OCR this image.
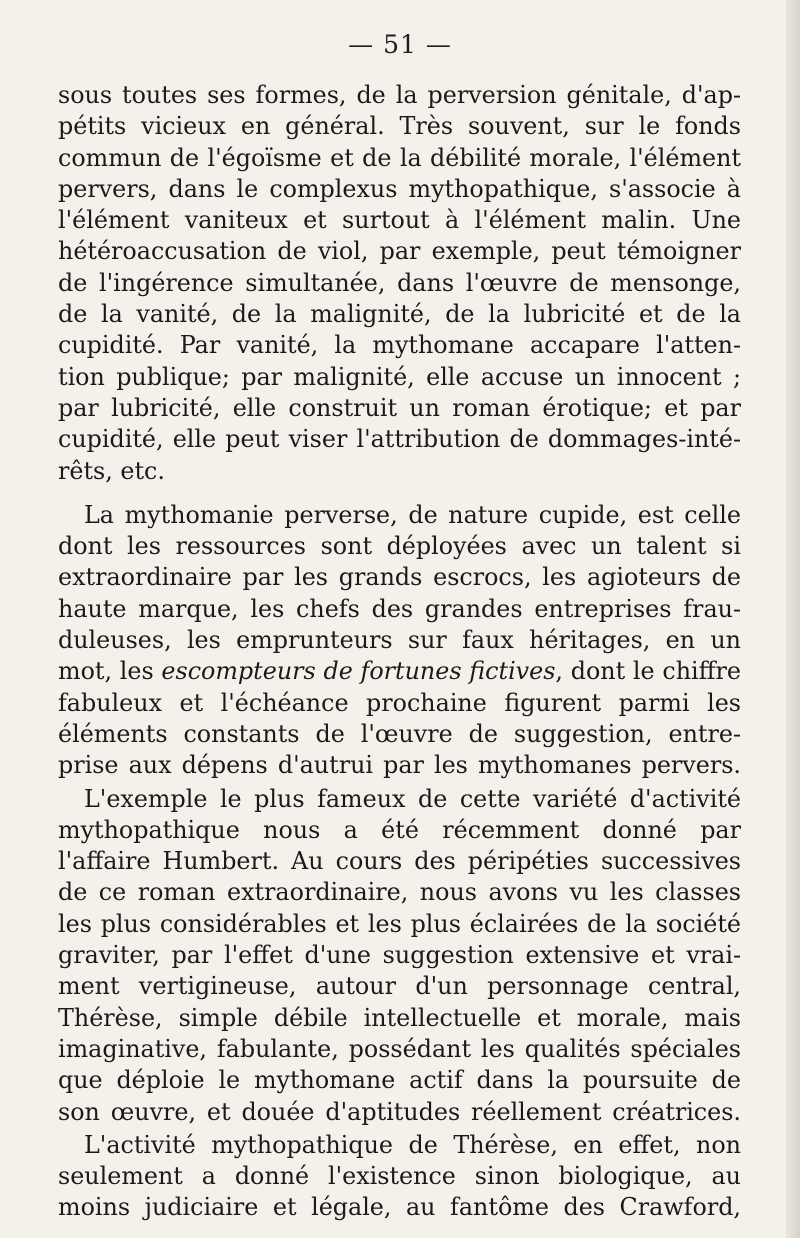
— 51 —
sous toutes ses formes, de la perversion génitale, d'ap-
pétits vicieux en général. Très souvent, sur le fonds
commun de l'égoïsme et de la débilité morale, l'élément
pervers, dans le complexus mythopathique, s'associe à
l'élément vaniteux et surtout à l'élément malin. Une
hétéroaccusation de viol, par exemple, peut témoigner
de l'ingérence simultanée, dans l'œuvre de mensonge,
de la vanité, de la malignité, de la lubricité et de la
cupidité. Par vanité, la mythomane accapare l'atten-
tion publique; par malignité, elle accuse un innocent ;
par lubricité, elle construit un roman érotique; et par
cupidité, elle peut viser l'attribution de dommages-inté-
rêts, etc.
La mythomanie perverse, de nature cupide, est celle
dont les ressources sont déployées avec un talent si
extraordinaire par les grands escrocs, les agioteurs de
haute marque, les chefs des grandes entreprises frau-
duleuses, les emprunteurs sur faux héritages, en un
mot, les escompteurs de fortunes fictives, dont le chiffre
fabuleux et l'échéance prochaine figurent parmi les
éléments constants de l'œuvre de suggestion, entre-
prise aux dépens d'autrui par les mythomanes pervers.
L'exemple le plus fameux de cette variété d'activité
mythopathique nous a été récemment donné par
l'affaire Humbert. Au cours des péripéties successives
de ce roman extraordinaire, nous avons vu les classes
les plus considérables et les plus éclairées de la société
graviter, par l'effet d'une suggestion extensive et vrai-
ment vertigineuse, autour d'un personnage central,
Thérèse, simple débile intellectuelle et morale, mais
imaginative, fabulante, possédant les qualités spéciales
que déploie le mythomane actif dans la poursuite de
son œuvre, et douée d'aptitudes réellement créatrices.
L'activité mythopathique de Thérèse, en effet, non
seulement a donné l'existence sinon biologique, au
moins judiciaire et légale, au fantôme des Crawford,
